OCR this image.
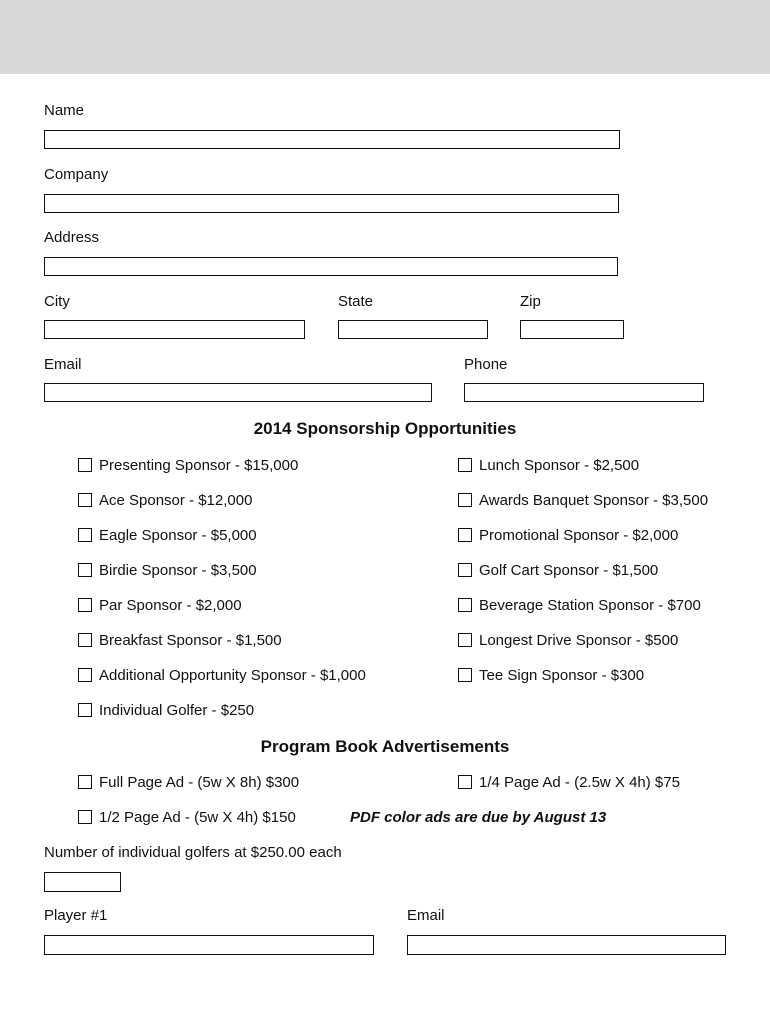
Name
Company
Address
City	State	Zip
Email	Phone
2014 Sponsorship Opportunities
Presenting Sponsor - $15,000
Ace Sponsor - $12,000
Eagle Sponsor - $5,000
Birdie Sponsor - $3,500
Par Sponsor - $2,000
Breakfast Sponsor - $1,500
Additional Opportunity Sponsor - $1,000
Individual Golfer - $250
Lunch Sponsor - $2,500
Awards Banquet Sponsor - $3,500
Promotional Sponsor - $2,000
Golf Cart Sponsor - $1,500
Beverage Station Sponsor - $700
Longest Drive Sponsor - $500
Tee Sign Sponsor - $300
Program Book Advertisements
Full Page Ad - (5w X 8h) $300	1/4 Page Ad - (2.5w X 4h) $75
1/2 Page Ad - (5w X 4h) $150	PDF color ads are due by August 13
Number of individual golfers at $250.00 each
Player #1	Email
